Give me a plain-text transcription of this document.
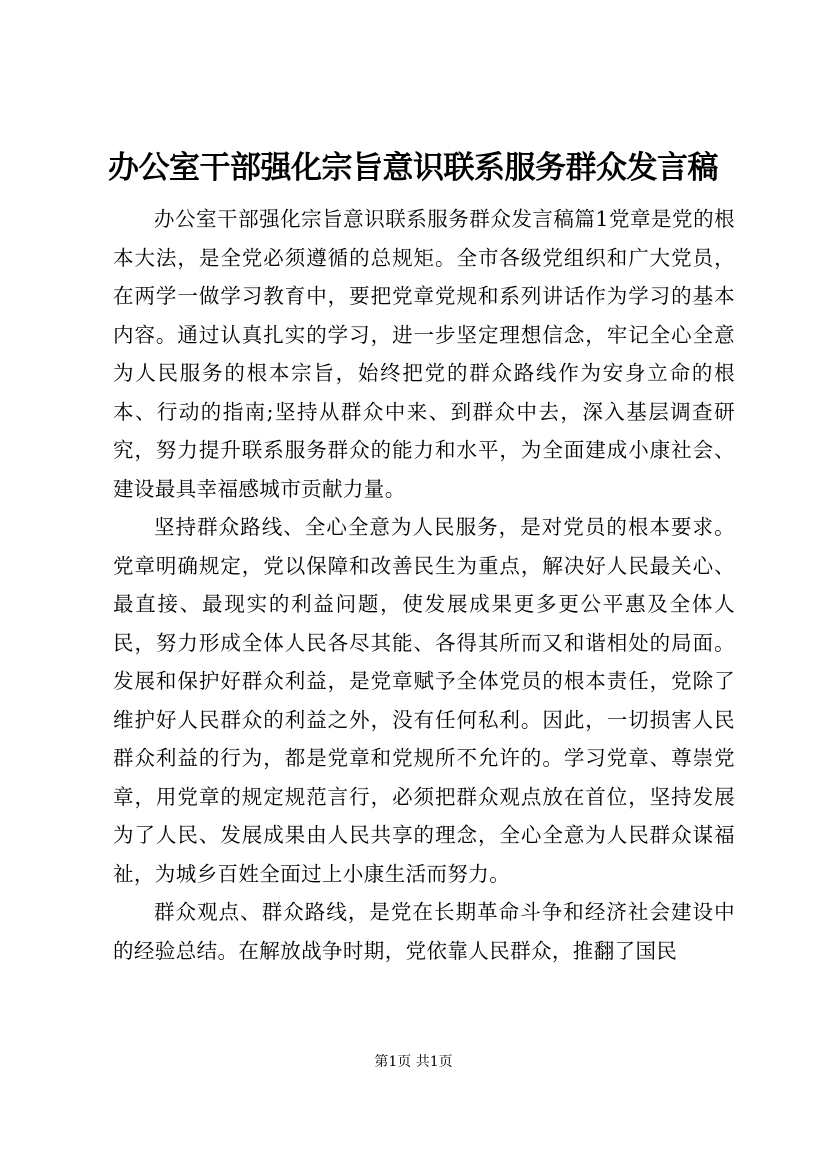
办公室干部强化宗旨意识联系服务群众发言稿

办公室干部强化宗旨意识联系服务群众发言稿篇1党章是党的根本大法，是全党必须遵循的总规矩。全市各级党组织和广大党员，在两学一做学习教育中，要把党章党规和系列讲话作为学习的基本内容。通过认真扎实的学习，进一步坚定理想信念，牢记全心全意为人民服务的根本宗旨，始终把党的群众路线作为安身立命的根本、行动的指南;坚持从群众中来、到群众中去，深入基层调查研究，努力提升联系服务群众的能力和水平，为全面建成小康社会、建设最具幸福感城市贡献力量。

坚持群众路线、全心全意为人民服务，是对党员的根本要求。党章明确规定，党以保障和改善民生为重点，解决好人民最关心、最直接、最现实的利益问题，使发展成果更多更公平惠及全体人民，努力形成全体人民各尽其能、各得其所而又和谐相处的局面。发展和保护好群众利益，是党章赋予全体党员的根本责任，党除了维护好人民群众的利益之外，没有任何私利。因此，一切损害人民群众利益的行为，都是党章和党规所不允许的。学习党章、尊崇党章，用党章的规定规范言行，必须把群众观点放在首位，坚持发展为了人民、发展成果由人民共享的理念，全心全意为人民群众谋福祉，为城乡百姓全面过上小康生活而努力。

群众观点、群众路线，是党在长期革命斗争和经济社会建设中的经验总结。在解放战争时期，党依靠人民群众，推翻了国民

第1页 共1页
